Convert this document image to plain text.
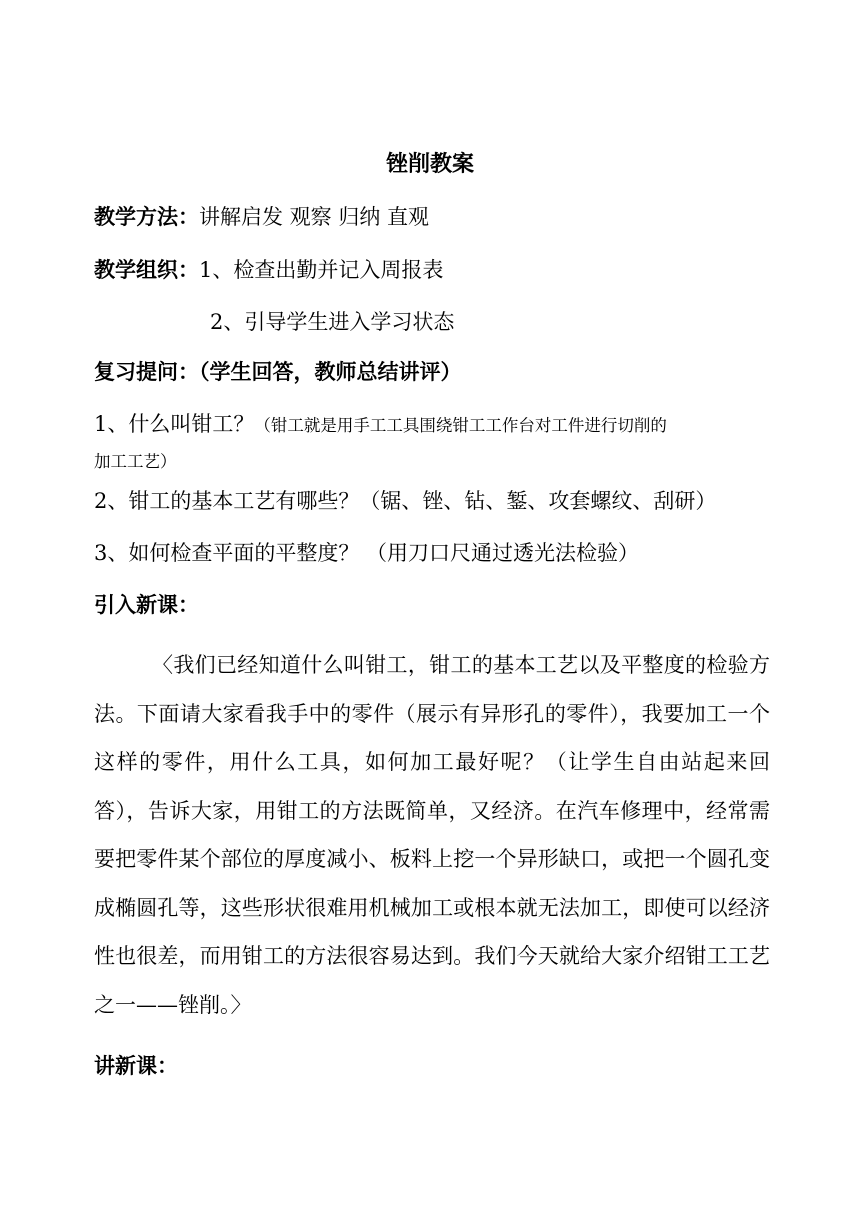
锉削教案
教学方法：讲解启发 观察 归纳 直观
教学组织：1、检查出勤并记入周报表
2、引导学生进入学习状态
复习提问：（学生回答，教师总结讲评）
1、什么叫钳工？（钳工就是用手工工具围绕钳工工作台对工件进行切削的
加工工艺）
2、钳工的基本工艺有哪些？（锯、锉、钻、錾、攻套螺纹、刮研）
3、如何检查平面的平整度？ （用刀口尺通过透光法检验）
引入新课：
〈我们已经知道什么叫钳工，钳工的基本工艺以及平整度的检验方法。下面请大家看我手中的零件（展示有异形孔的零件），我要加工一个这样的零件，用什么工具，如何加工最好呢？（让学生自由站起来回答），告诉大家，用钳工的方法既简单，又经济。在汽车修理中，经常需要把零件某个部位的厚度减小、板料上挖一个异形缺口，或把一个圆孔变成椭圆孔等，这些形状很难用机械加工或根本就无法加工，即使可以经济性也很差，而用钳工的方法很容易达到。我们今天就给大家介绍钳工工艺之一——锉削。〉
讲新课：
